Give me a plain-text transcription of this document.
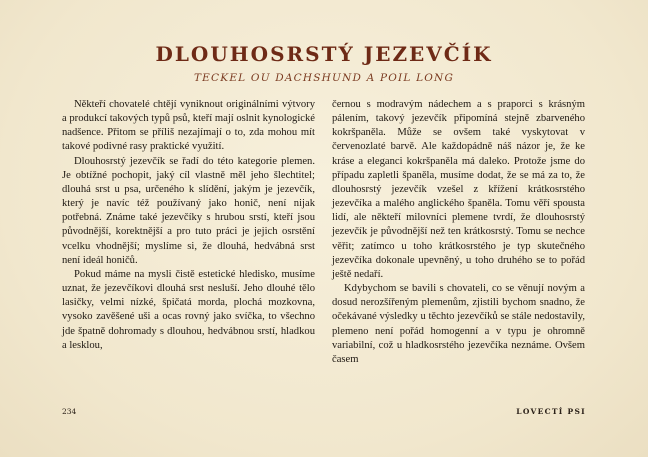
DLOUHOSRSTÝ JEZEVČÍK
TECKEL OU DACHSHUND A POIL LONG

Někteří chovatelé chtějí vyniknout originálními výtvory a produkcí takových typů psů, kteří mají oslnit kynologické nadšence. Přitom se příliš nezajímají o to, zda mohou mít takové podivné rasy praktické využití.

Dlouhosrstý jezevčík se řadí do této kategorie plemen. Je obtížné pochopit, jaký cíl vlastně měl jeho šlechtitel; dlouhá srst u psa, určeného k slídění, jakým je jezevčík, který je navíc též používaný jako honič, není nijak potřebná. Známe také jezevčíky s hrubou srstí, kteří jsou původnější, korektnější a pro tuto práci je jejich osrstění vcelku vhodnější; myslíme si, že dlouhá, hedvábná srst není ideál honičů.

Pokud máme na mysli čistě estetické hledisko, musíme uznat, že jezevčíkovi dlouhá srst nesluší. Jeho dlouhé tělo lasičky, velmi nízké, špičatá mordа, plochá mozkovna, vysoko zavěšené uši a ocas rovný jako svíčka, to všechno jde špatně dohromady s dlouhou, hedvábnou srstí, hladkou a lesklou,

černou s modravým nádechem a s praporci s krásným pálením, takový jezevčík připomíná stejně zbarveného kokršpaněla. Může se ovšem také vyskytovat v červenozlaté barvě. Ale každopádně náš názor je, že ke kráse a eleganci kokršpaněla má daleko. Protože jsme do případu zapletli španěla, musíme dodat, že se má za to, že dlouhosrstý jezevčík vzešel z křížení krátkosrstého jezevčíka a malého anglického španěla. Tomu věří spousta lidí, ale někteří milovníci plemene tvrdí, že dlouhosrstý jezevčík je původnější než ten krátkosrstý. Tomu se nechce věřit; zatímco u toho krátkosrstého je typ skutečného jezevčíka dokonale upevněný, u toho druhého se to pořád ještě nedaří.

Kdybychom se bavili s chovateli, co se věnují novým a dosud nerozšířeným plemenům, zjistili bychom snadno, že očekávané výsledky u těchto jezevčíků se stále nedostavily, plemeno není pořád homogenní a v typu je ohromně variabilní, což u hladkosrstého jezevčíka neznáme. Ovšem časem

234	LOVECTÍ PSI
